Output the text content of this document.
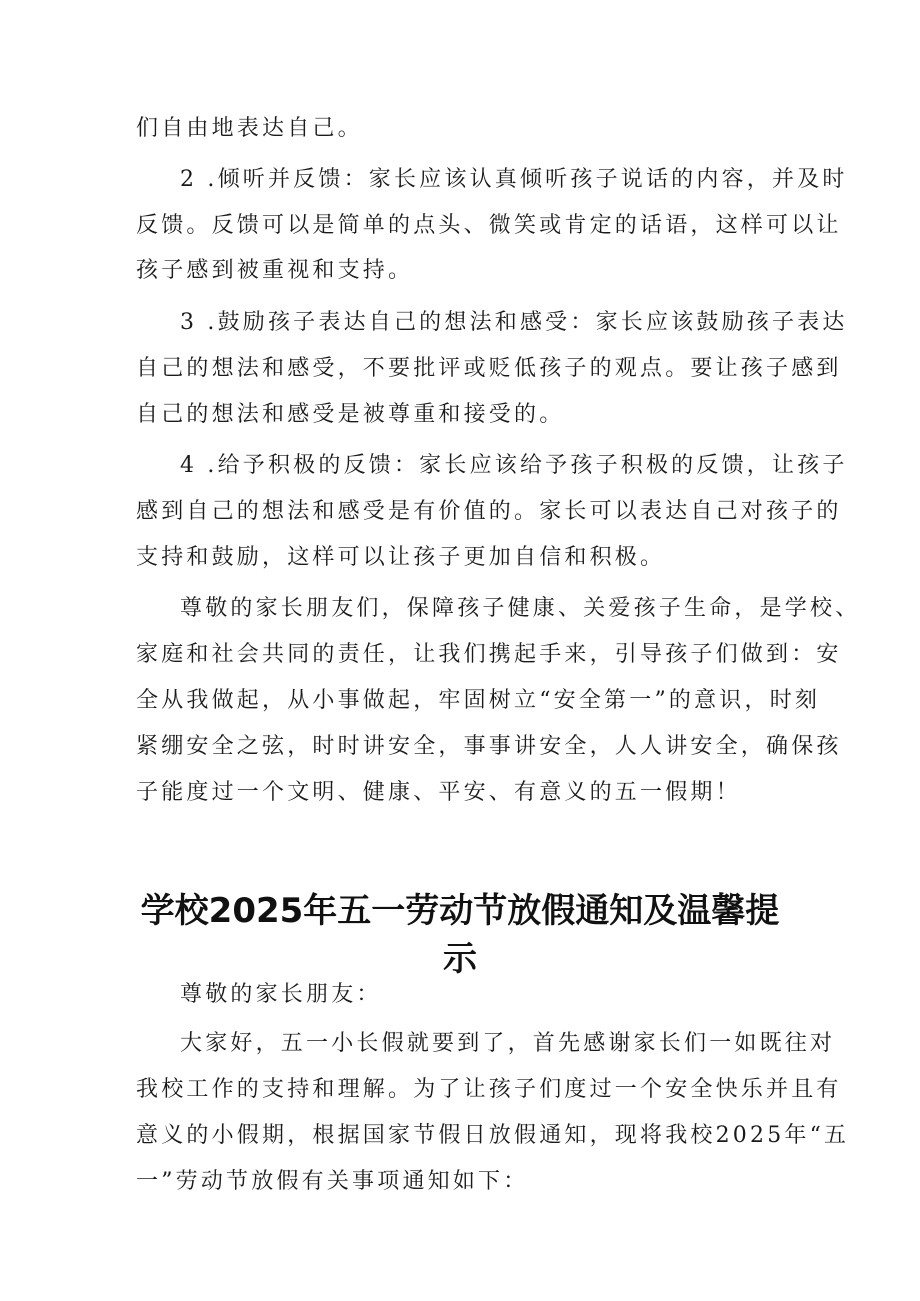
们自由地表达自己。
2 .倾听并反馈：家长应该认真倾听孩子说话的内容，并及时
反馈。反馈可以是简单的点头、微笑或肯定的话语，这样可以让
孩子感到被重视和支持。
3 .鼓励孩子表达自己的想法和感受：家长应该鼓励孩子表达
自己的想法和感受，不要批评或贬低孩子的观点。要让孩子感到
自己的想法和感受是被尊重和接受的。
4 .给予积极的反馈：家长应该给予孩子积极的反馈，让孩子
感到自己的想法和感受是有价值的。家长可以表达自己对孩子的
支持和鼓励，这样可以让孩子更加自信和积极。
尊敬的家长朋友们，保障孩子健康、关爱孩子生命，是学校、
家庭和社会共同的责任，让我们携起手来，引导孩子们做到：安
全从我做起，从小事做起，牢固树立“安全第一”的意识，时刻
紧绷安全之弦，时时讲安全，事事讲安全，人人讲安全，确保孩
子能度过一个文明、健康、平安、有意义的五一假期！
学校2025年五一劳动节放假通知及温馨提
示
尊敬的家长朋友：
大家好，五一小长假就要到了，首先感谢家长们一如既往对
我校工作的支持和理解。为了让孩子们度过一个安全快乐并且有
意义的小假期，根据国家节假日放假通知，现将我校2025年“五
一”劳动节放假有关事项通知如下：
